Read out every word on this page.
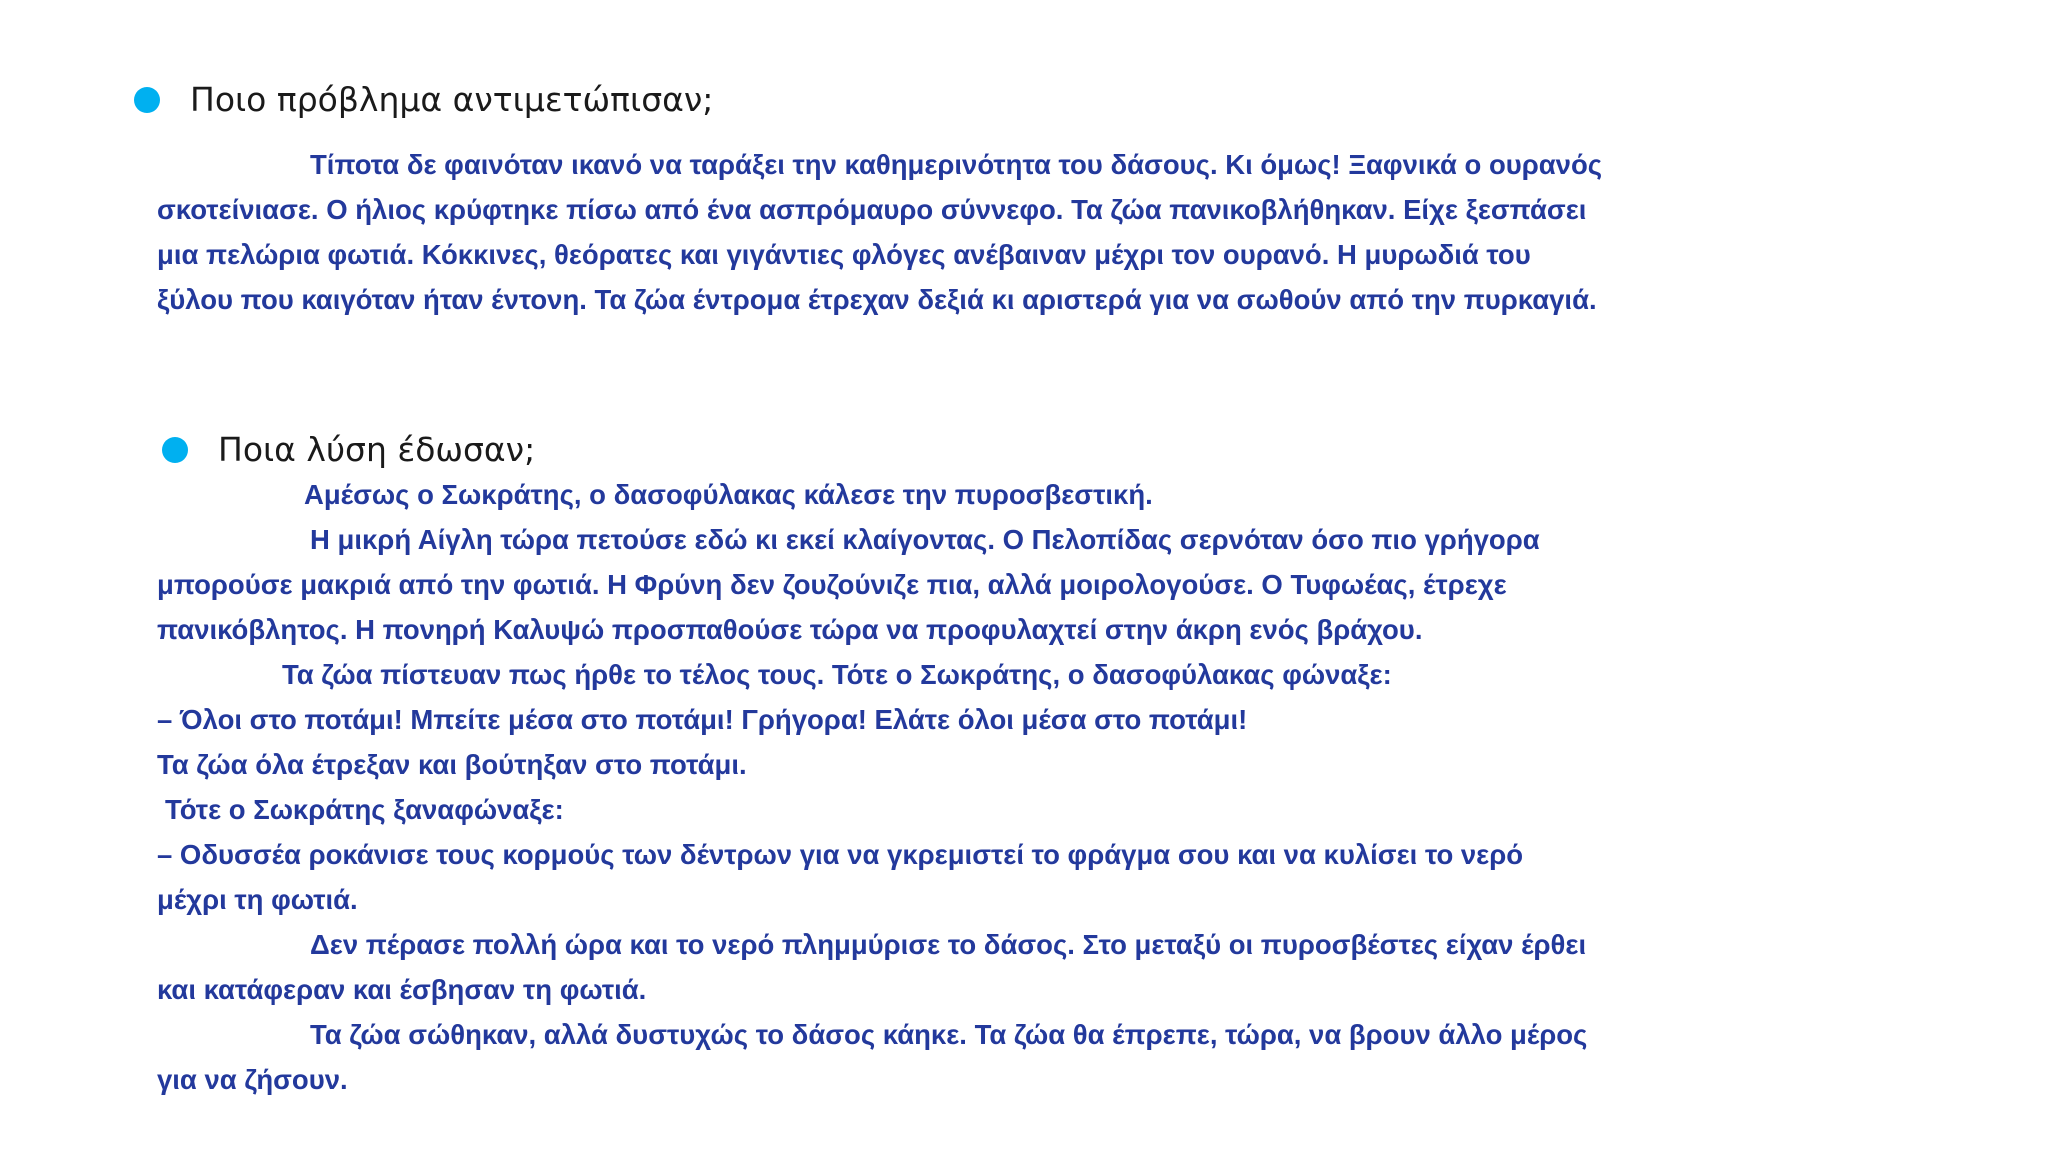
Ποιο πρόβλημα αντιμετώπισαν;
Τίποτα δε φαινόταν ικανό να ταράξει την καθημερινότητα του δάσους. Κι όμως! Ξαφνικά ο ουρανός
σκοτείνιασε. Ο ήλιος κρύφτηκε πίσω από ένα ασπρόμαυρο σύννεφο. Τα ζώα πανικοβλήθηκαν. Είχε ξεσπάσει
μια πελώρια φωτιά. Κόκκινες, θεόρατες και γιγάντιες φλόγες ανέβαιναν μέχρι τον ουρανό. Η μυρωδιά του
ξύλου που καιγόταν ήταν έντονη. Τα ζώα έντρομα έτρεχαν δεξιά κι αριστερά για να σωθούν από την πυρκαγιά.
Ποια λύση έδωσαν;
Αμέσως ο Σωκράτης, ο δασοφύλακας κάλεσε την πυροσβεστική.
Η μικρή Αίγλη τώρα πετούσε εδώ κι εκεί κλαίγοντας. Ο Πελοπίδας σερνόταν όσο πιο γρήγορα
μπορούσε μακριά από την φωτιά. Η Φρύνη δεν ζουζούνιζε πια, αλλά μοιρολογούσε. Ο Τυφωέας, έτρεχε
πανικόβλητος. Η πονηρή Καλυψώ προσπαθούσε τώρα να προφυλαχτεί στην άκρη ενός βράχου.
Τα ζώα πίστευαν πως ήρθε το τέλος τους. Τότε ο Σωκράτης, ο δασοφύλακας φώναξε:
– Όλοι στο ποτάμι! Μπείτε μέσα στο ποτάμι! Γρήγορα! Ελάτε όλοι μέσα στο ποτάμι!
Τα ζώα όλα έτρεξαν και βούτηξαν στο ποτάμι.
Τότε ο Σωκράτης ξαναφώναξε:
– Οδυσσέα ροκάνισε τους κορμούς των δέντρων για να γκρεμιστεί το φράγμα σου και να κυλίσει το νερό
μέχρι τη φωτιά.
Δεν πέρασε πολλή ώρα και το νερό πλημμύρισε το δάσος. Στο μεταξύ οι πυροσβέστες είχαν έρθει
και κατάφεραν και έσβησαν τη φωτιά.
Τα ζώα σώθηκαν, αλλά δυστυχώς το δάσος κάηκε. Τα ζώα θα έπρεπε, τώρα, να βρουν άλλο μέρος
για να ζήσουν.
